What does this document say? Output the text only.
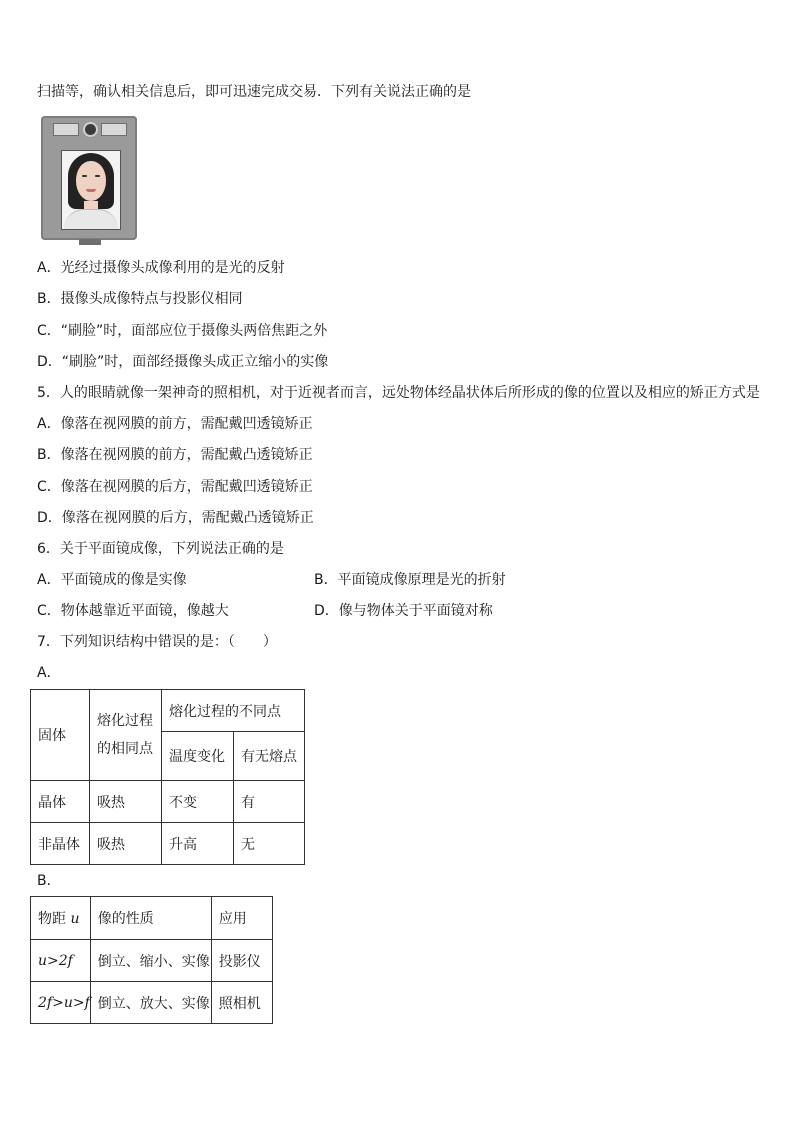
扫描等，确认相关信息后，即可迅速完成交易．下列有关说法正确的是
A．光经过摄像头成像利用的是光的反射
B．摄像头成像特点与投影仪相同
C．“刷脸”时，面部应位于摄像头两倍焦距之外
D．“刷脸”时，面部经摄像头成正立缩小的实像
5．人的眼睛就像一架神奇的照相机，对于近视者而言，远处物体经晶状体后所形成的像的位置以及相应的矫正方式是
A．像落在视网膜的前方，需配戴凹透镜矫正
B．像落在视网膜的前方，需配戴凸透镜矫正
C．像落在视网膜的后方，需配戴凹透镜矫正
D．像落在视网膜的后方，需配戴凸透镜矫正
6．关于平面镜成像，下列说法正确的是
A．平面镜成的像是实像	B．平面镜成像原理是光的折射
C．物体越靠近平面镜，像越大	D．像与物体关于平面镜对称
7．下列知识结构中错误的是：（　　）
A．
固体	熔化过程的相同点	熔化过程的不同点	
		温度变化	有无熔点
晶体	吸热	不变	有
非晶体	吸热	升高	无
B．
物距 u	像的性质	应用
u>2f	倒立、缩小、实像	投影仪
2f>u>f	倒立、放大、实像	照相机
